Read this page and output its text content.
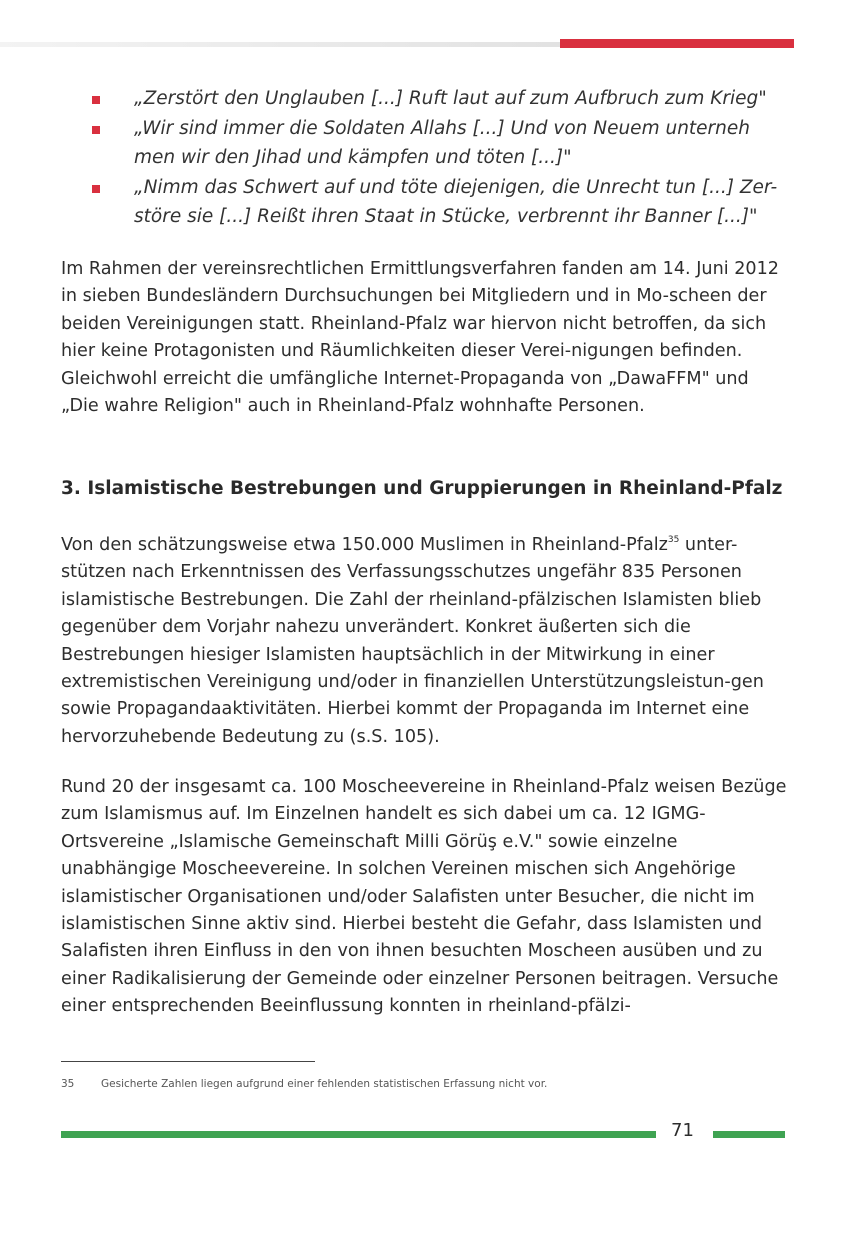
„Zerstört den Unglauben [...] Ruft laut auf zum Aufbruch zum Krieg"
„Wir sind immer die Soldaten Allahs [...] Und von Neuem unterneh men wir den Jihad und kämpfen und töten [...]"
„Nimm das Schwert auf und töte diejenigen, die Unrecht tun [...] Zer-störe sie [...] Reißt ihren Staat in Stücke, verbrennt ihr Banner [...]"

Im Rahmen der vereinsrechtlichen Ermittlungsverfahren fanden am 14. Juni 2012 in sieben Bundesländern Durchsuchungen bei Mitgliedern und in Mo-scheen der beiden Vereinigungen statt. Rheinland-Pfalz war hiervon nicht betroffen, da sich hier keine Protagonisten und Räumlichkeiten dieser Verei-nigungen befinden. Gleichwohl erreicht die umfängliche Internet-Propaganda von „DawaFFM" und „Die wahre Religion" auch in Rheinland-Pfalz wohnhafte Personen.

3. Islamistische Bestrebungen und Gruppierungen in Rheinland-Pfalz

Von den schätzungsweise etwa 150.000 Muslimen in Rheinland-Pfalz$^{35}$ unter-stützen nach Erkenntnissen des Verfassungsschutzes ungefähr 835 Personen islamistische Bestrebungen. Die Zahl der rheinland-pfälzischen Islamisten blieb gegenüber dem Vorjahr nahezu unverändert. Konkret äußerten sich die Bestrebungen hiesiger Islamisten hauptsächlich in der Mitwirkung in einer extremistischen Vereinigung und/oder in finanziellen Unterstützungsleistun-gen sowie Propagandaaktivitäten. Hierbei kommt der Propaganda im Internet eine hervorzuhebende Bedeutung zu (s.S. 105).

Rund 20 der insgesamt ca. 100 Moscheevereine in Rheinland-Pfalz weisen Bezüge zum Islamismus auf. Im Einzelnen handelt es sich dabei um ca. 12 IGMG-Ortsvereine „Islamische Gemeinschaft Milli Görüş e.V." sowie einzelne unabhängige Moscheevereine. In solchen Vereinen mischen sich Angehörige islamistischer Organisationen und/oder Salafisten unter Besucher, die nicht im islamistischen Sinne aktiv sind. Hierbei besteht die Gefahr, dass Islamisten und Salafisten ihren Einfluss in den von ihnen besuchten Moscheen ausüben und zu einer Radikalisierung der Gemeinde oder einzelner Personen beitragen. Versuche einer entsprechenden Beeinflussung konnten in rheinland-pfälzi-

35	Gesicherte Zahlen liegen aufgrund einer fehlenden statistischen Erfassung nicht vor.
71
